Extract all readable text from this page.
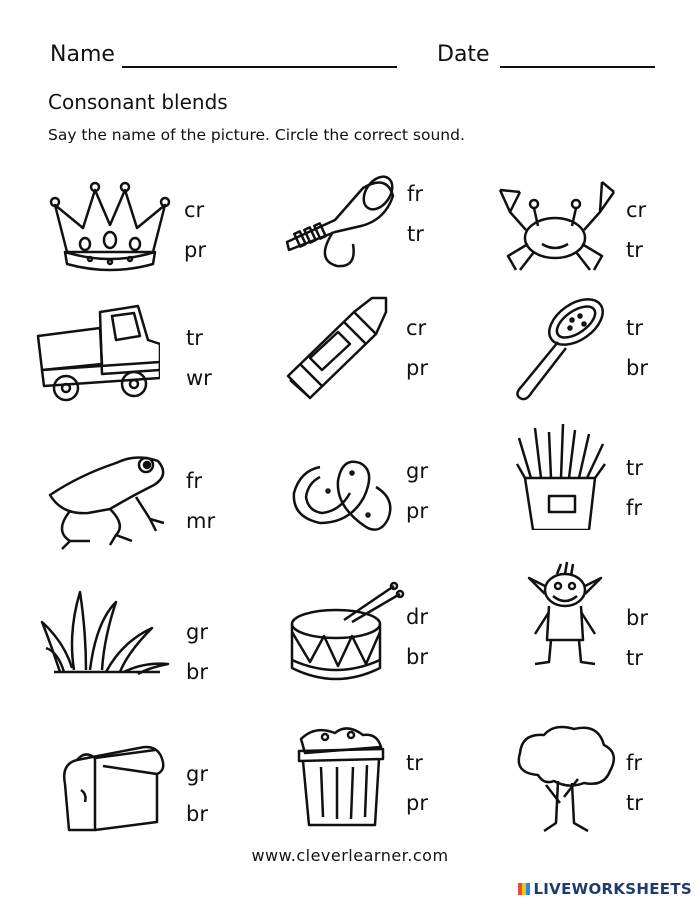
Name	Date
Consonant blends
Say the name of the picture. Circle the correct sound.
cr
pr
fr
tr
cr
tr
tr
wr
cr
pr
tr
br
fr
mr
gr
pr
tr
fr
gr
br
dr
br
br
tr
gr
br
tr
pr
fr
tr
www.cleverlearner.com
LIVEWORKSHEETS
